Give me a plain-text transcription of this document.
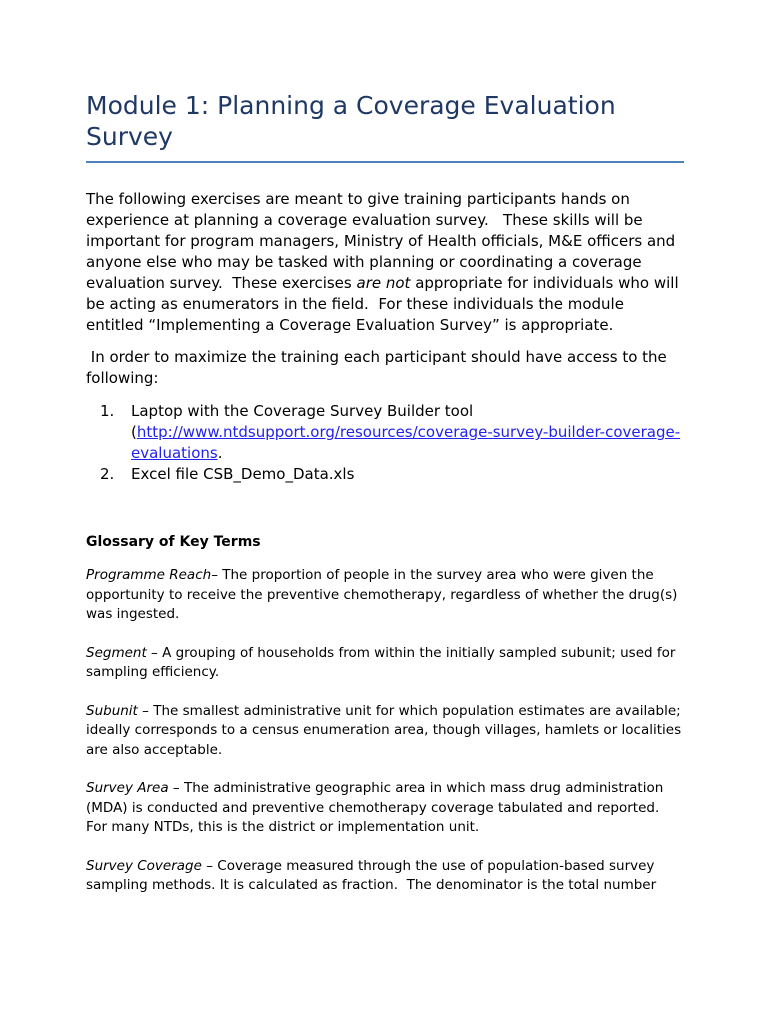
Module 1: Planning a Coverage Evaluation Survey

The following exercises are meant to give training participants hands on experience at planning a coverage evaluation survey.   These skills will be important for program managers, Ministry of Health officials, M&E officers and anyone else who may be tasked with planning or coordinating a coverage evaluation survey.  These exercises are not appropriate for individuals who will be acting as enumerators in the field.  For these individuals the module entitled “Implementing a Coverage Evaluation Survey” is appropriate.

In order to maximize the training each participant should have access to the following:

1.	Laptop with the Coverage Survey Builder tool (http://www.ntdsupport.org/resources/coverage-survey-builder-coverage-evaluations.
2.	Excel file CSB_Demo_Data.xls
Glossary of Key Terms

Programme Reach– The proportion of people in the survey area who were given the opportunity to receive the preventive chemotherapy, regardless of whether the drug(s) was ingested.

Segment – A grouping of households from within the initially sampled subunit; used for sampling efficiency.

Subunit – The smallest administrative unit for which population estimates are available; ideally corresponds to a census enumeration area, though villages, hamlets or localities are also acceptable.

Survey Area – The administrative geographic area in which mass drug administration (MDA) is conducted and preventive chemotherapy coverage tabulated and reported.  For many NTDs, this is the district or implementation unit.

Survey Coverage – Coverage measured through the use of population-based survey sampling methods. It is calculated as fraction.  The denominator is the total number
